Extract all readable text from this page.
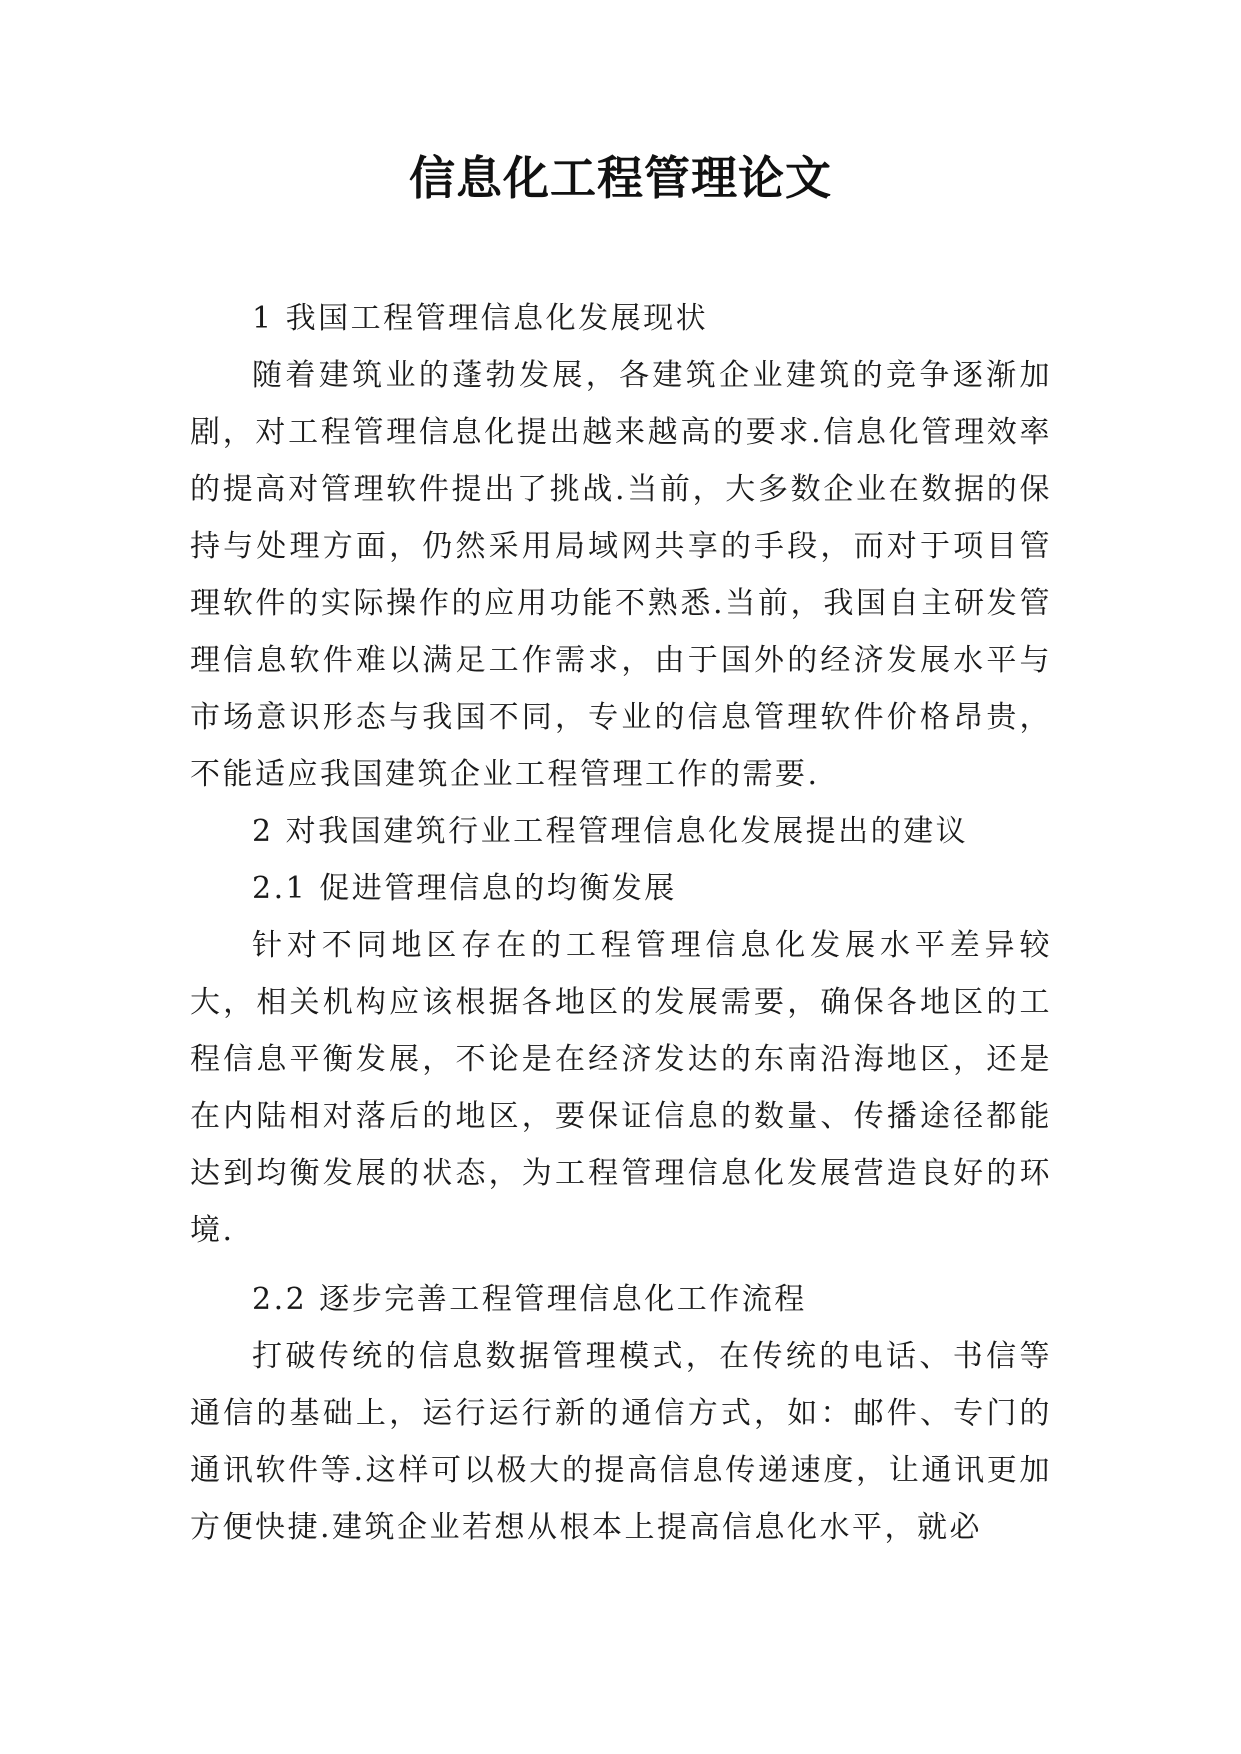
信息化工程管理论文

1 我国工程管理信息化发展现状

随着建筑业的蓬勃发展，各建筑企业建筑的竞争逐渐加剧，对工程管理信息化提出越来越高的要求.信息化管理效率的提高对管理软件提出了挑战.当前，大多数企业在数据的保持与处理方面，仍然采用局域网共享的手段，而对于项目管理软件的实际操作的应用功能不熟悉.当前，我国自主研发管理信息软件难以满足工作需求，由于国外的经济发展水平与市场意识形态与我国不同，专业的信息管理软件价格昂贵，不能适应我国建筑企业工程管理工作的需要.

2 对我国建筑行业工程管理信息化发展提出的建议

2.1 促进管理信息的均衡发展

针对不同地区存在的工程管理信息化发展水平差异较大，相关机构应该根据各地区的发展需要，确保各地区的工程信息平衡发展，不论是在经济发达的东南沿海地区，还是在内陆相对落后的地区，要保证信息的数量、传播途径都能达到均衡发展的状态，为工程管理信息化发展营造良好的环境.

2.2 逐步完善工程管理信息化工作流程

打破传统的信息数据管理模式，在传统的电话、书信等通信的基础上，运行运行新的通信方式，如：邮件、专门的通讯软件等.这样可以极大的提高信息传递速度，让通讯更加方便快捷.建筑企业若想从根本上提高信息化水平，就必
